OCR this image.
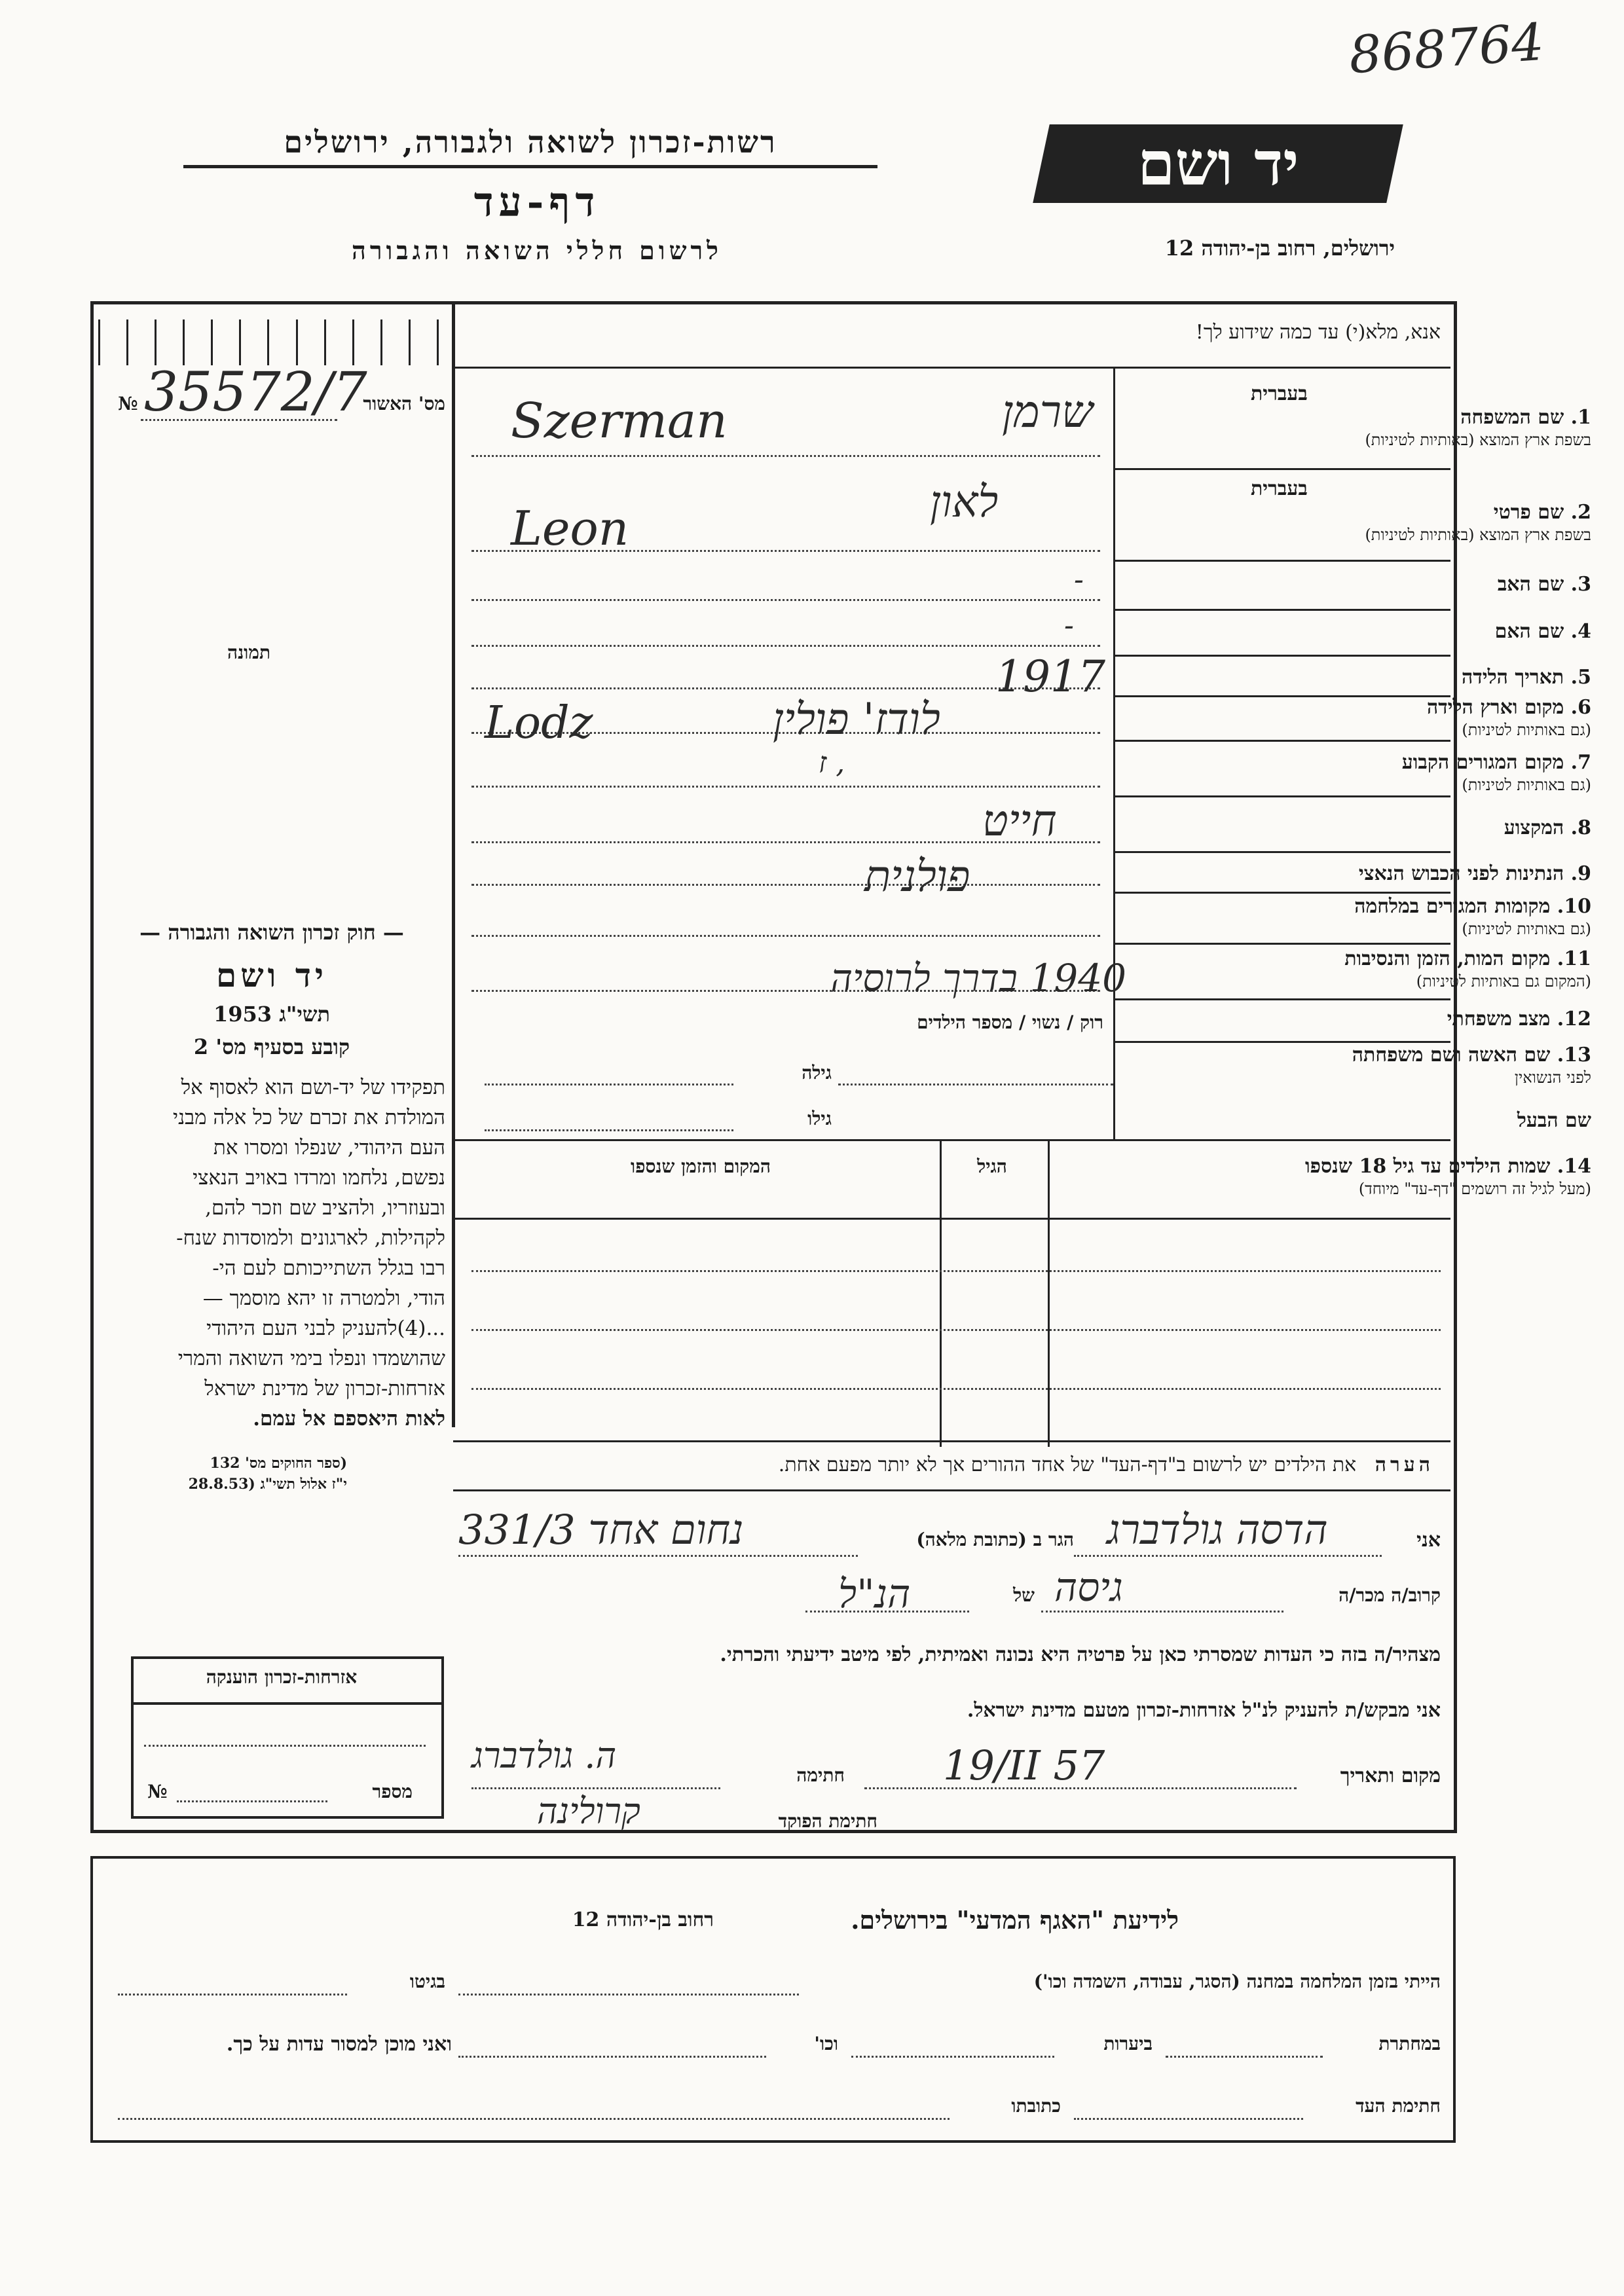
868764
יד ושם
רשות-זכרון לשואה ולגבורה, ירושלים
דף-עד
לרשום חללי השואה והגבורה	ירושלים, רחוב בן-יהודה 12
מס' האשור
№ 35572/7
תמונה
— חוק זכרון השואה והגבורה —
יד ושם
תשי"ג 1953
קובע בסעיף מס' 2

תפקידו של יד-ושם הוא לאסוף אל

המולדת את זכרם של כל אלה מבני

העם היהודי, שנפלו ומסרו את

נפשם, נלחמו ומרדו באויב הנאצי

ובעוזריו, ולהציב שם וזכר להם,

לקהילות, לארגונים ולמוסדות שנח-

רבו בגלל השתייכותם לעם הי-

הודי, ולמטרה זו יהא מוסמך —

...(4)להעניק לבני העם היהודי

שהושמדו ונפלו בימי השואה והמרי

אזרחות-זכרון של מדינת ישראל

לאות היאספם אל עמם.

(ספר החוקים מס' 132
י"ז אלול תשי"ג (28.8.53
אנא, מלא(י) עד כמה שידוע לך!
1. שם המשפחה
בעברית
בשפת ארץ המוצא (באותיות לטיניות)
2. שם פרטי
בעברית
בשפת ארץ המוצא (באותיות לטיניות)
3. שם האב
4. שם האם
5. תאריך הלידה
6. מקום וארץ הלידה
(גם באותיות לטיניות)
7. מקום המגורים הקבוע
(גם באותיות לטיניות)
8. המקצוע
9. הנתינות לפני הכבוש הנאצי
10. מקומות המגורים במלחמה
(גם באותיות לטיניות)
11. מקום המות, הזמן והנסיבות
(המקום גם באותיות לטיניות)
12. מצב משפחתי
13. שם האשה ושם משפחתה
לפני הנשואין
שם הבעל
רוק / נשוי / מספר הילדים
גילה
גילו
שרמן
Szerman
לאון
Leon
-
-
1917
לודז' פולין
Lodz
ז ,
חייט
פולנית
1940 בדרך לרוסיה
14. שמות הילדים עד גיל 18 שנספו
(מעל לגיל זה רושמים "דף-עד" מיוחד)
הגיל
המקום והזמן שנספו
הערה   את הילדים יש לרשום ב"דף-העד" של אחד ההורים אך לא יותר מפעם אחת.
אני
הדסה גולדברג
הגר ב (כתובת מלאה)
נחום אחד 331/3
קרוב/ה מכר/ה
גיסה
של
הנ"ל
מצהיר/ה בזה כי העדות שמסרתי כאן על פרטיה היא נכונה ואמיתית, לפי מיטב ידיעתי והכרתי.
אני מבקש/ת להעניק לנ"ל אזרחות-זכרון מטעם מדינת ישראל.
מקום ותאריך
19/II 57
חתימה
ה. גולדברג
חתימת הפוקד
קרולינה
אזרחות-זכרון הוענקה
מספר
№
לידיעת "האגף המדעי" בירושלים.
רחוב בן-יהודה 12
הייתי בזמן המלחמה במחנה (הסגר, עבודה, השמדה וכו')
בגיטו
במחתרת
ביערות
וכו'
ואני מוכן למסור עדות על כך.
חתימת העד
כתובתו
